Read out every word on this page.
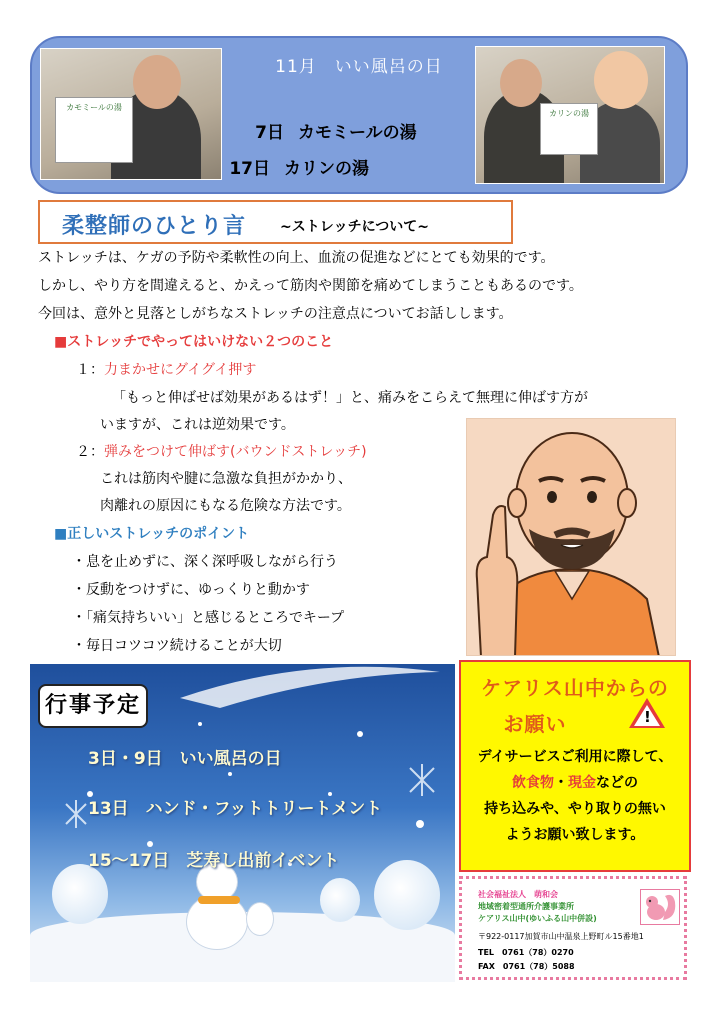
カモミールの湯
11月　いい風呂の日
7日 カモミールの湯
17日 カリンの湯
カリンの湯
柔整師のひとり言 ~ストレッチについて~
ストレッチは、ケガの予防や柔軟性の向上、血流の促進などにとても効果的です。
しかし、やり方を間違えると、かえって筋肉や関節を痛めてしまうこともあるのです。
今回は、意外と見落としがちなストレッチの注意点についてお話しします。
■ストレッチでやってはいけない２つのこと
１：力まかせにグイグイ押す
「もっと伸ばせば効果があるはず！」と、痛みをこらえて無理に伸ばす方が
いますが、これは逆効果です。
２：弾みをつけて伸ばす(バウンドストレッチ)
これは筋肉や腱に急激な負担がかかり、
肉離れの原因にもなる危険な方法です。
■正しいストレッチのポイント
・息を止めずに、深く深呼吸しながら行う
・反動をつけずに、ゆっくりと動かす
・「痛気持ちいい」と感じるところでキープ
・毎日コツコツ続けることが大切
行事予定
3日・9日　いい風呂の日
13日　ハンド・フットトリートメント
15～17日　芝寿し出前イベント
ケアリス山中からの
お願い	!
デイサービスご利用に際して、
飲食物・現金などの
持ち込みや、やり取りの無い
ようお願い致します。
社会福祉法人　萌和会
地域密着型通所介護事業所
ケアリス山中(ゆいふる山中併設)
〒922-0117加賀市山中温泉上野町ル15番地1
TEL　0761（78）0270
FAX　0761（78）5088
